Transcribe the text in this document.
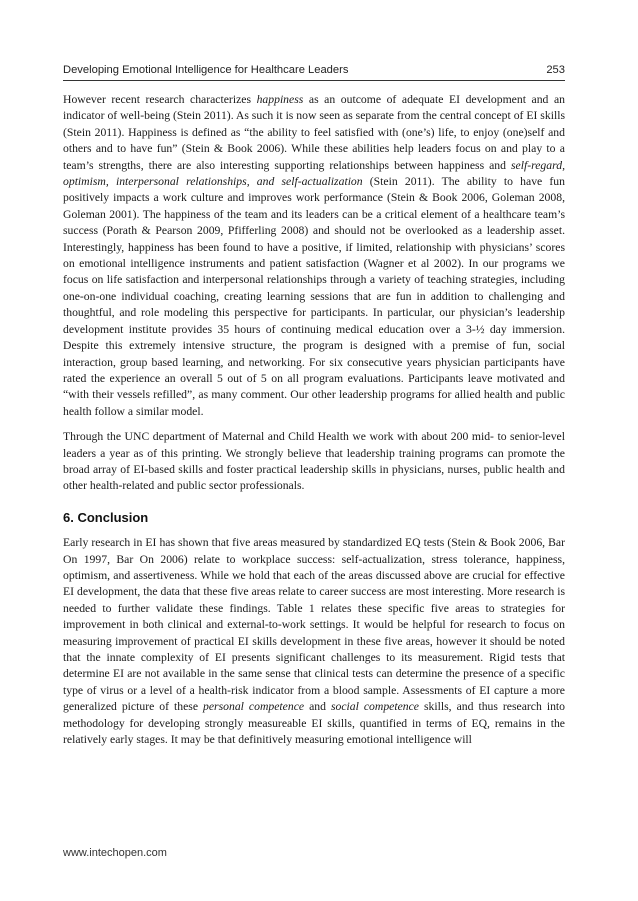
Developing Emotional Intelligence for Healthcare Leaders	253

However recent research characterizes happiness as an outcome of adequate EI development and an indicator of well-being (Stein 2011). As such it is now seen as separate from the central concept of EI skills (Stein 2011). Happiness is defined as “the ability to feel satisfied with (one’s) life, to enjoy (one)self and others and to have fun” (Stein & Book 2006). While these abilities help leaders focus on and play to a team’s strengths, there are also interesting supporting relationships between happiness and self-regard, optimism, interpersonal relationships, and self-actualization (Stein 2011). The ability to have fun positively impacts a work culture and improves work performance (Stein & Book 2006, Goleman 2008, Goleman 2001). The happiness of the team and its leaders can be a critical element of a healthcare team’s success (Porath & Pearson 2009, Pfifferling 2008) and should not be overlooked as a leadership asset. Interestingly, happiness has been found to have a positive, if limited, relationship with physicians’ scores on emotional intelligence instruments and patient satisfaction (Wagner et al 2002). In our programs we focus on life satisfaction and interpersonal relationships through a variety of teaching strategies, including one-on-one individual coaching, creating learning sessions that are fun in addition to challenging and thoughtful, and role modeling this perspective for participants. In particular, our physician’s leadership development institute provides 35 hours of continuing medical education over a 3-½ day immersion. Despite this extremely intensive structure, the program is designed with a premise of fun, social interaction, group based learning, and networking. For six consecutive years physician participants have rated the experience an overall 5 out of 5 on all program evaluations. Participants leave motivated and “with their vessels refilled”, as many comment. Our other leadership programs for allied health and public health follow a similar model.

Through the UNC department of Maternal and Child Health we work with about 200 mid- to senior-level leaders a year as of this printing. We strongly believe that leadership training programs can promote the broad array of EI-based skills and foster practical leadership skills in physicians, nurses, public health and other health-related and public sector professionals.

6. Conclusion

Early research in EI has shown that five areas measured by standardized EQ tests (Stein & Book 2006, Bar On 1997, Bar On 2006) relate to workplace success: self-actualization, stress tolerance, happiness, optimism, and assertiveness. While we hold that each of the areas discussed above are crucial for effective EI development, the data that these five areas relate to career success are most interesting. More research is needed to further validate these findings. Table 1 relates these specific five areas to strategies for improvement in both clinical and external-to-work settings. It would be helpful for research to focus on measuring improvement of practical EI skills development in these five areas, however it should be noted that the innate complexity of EI presents significant challenges to its measurement. Rigid tests that determine EI are not available in the same sense that clinical tests can determine the presence of a specific type of virus or a level of a health-risk indicator from a blood sample. Assessments of EI capture a more generalized picture of these personal competence and social competence skills, and thus research into methodology for developing strongly measureable EI skills, quantified in terms of EQ, remains in the relatively early stages. It may be that definitively measuring emotional intelligence will

www.intechopen.com
